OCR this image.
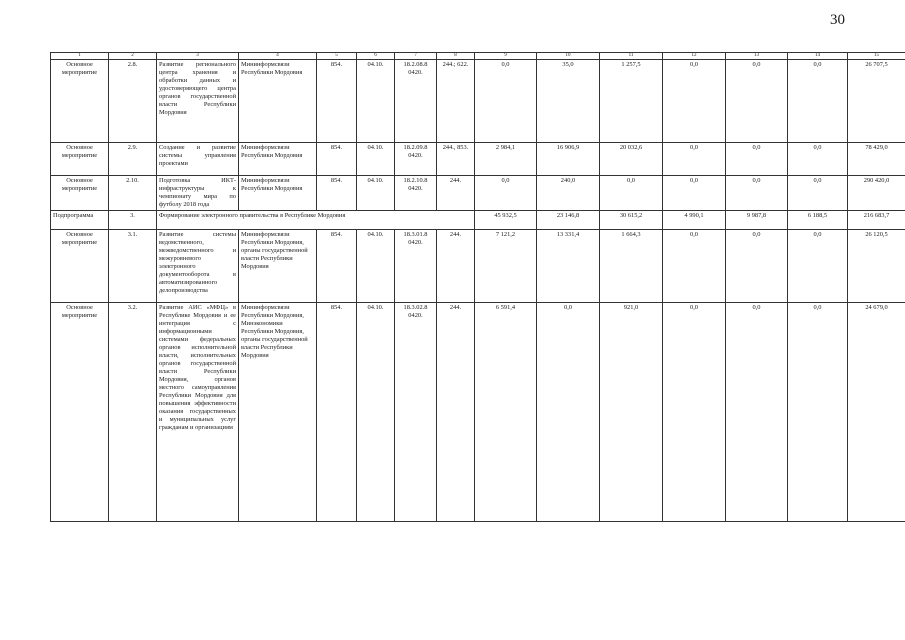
30
1	2	3	4	5	6	7	8	9	10	11	12	13	14	15
Основное мероприятие	2.8.	Развитие регионального центра хранения и обработки данных и удостоверяющего центра органов государственной власти Республики Мордовия	Мининформсвязи Республики Мордовия	854.	04.10.	18.2.08.8 0420.	244.; 622.	0,0	35,0	1 257,5	0,0	0,0	0,0	26 707,5
Основное мероприятие	2.9.	Создание и развитие системы управления проектами	Мининформсвязи Республики Мордовия	854.	04.10.	18.2.09.8 0420.	244., 853.	2 984,1	16 906,9	20 032,6	0,0	0,0	0,0	78 429,0
Основное мероприятие	2.10.	Подготовка ИКТ-инфраструктуры к чемпионату мира по футболу 2018 года	Мининформсвязи Республики Мордовия	854.	04.10.	18.2.10.8 0420.	244.	0,0	240,0	0,0	0,0	0,0	0,0	290 420,0
Подпрограмма	3.	Формирование электронного правительства в Республике Мордовия						45 932,5	23 146,8	30 615,2	4 990,1	9 987,8	6 188,5	216 683,7
Основное мероприятие	3.1.	Развитие системы ведомственного, межведомственного и межуровневого электронного документооборота в автоматизированного делопроизводства	Мининформсвязи Республики Мордовия, органы государственной власти Республики Мордовия	854.	04.10.	18.3.01.8 0420.	244.	7 121,2	13 331,4	1 664,3	0,0	0,0	0,0	26 120,5
Основное мероприятие	3.2.	Развитие АИС «МФЦ» в Республике Мордовия и ее интеграция с информационными системами федеральных органов исполнительной власти, исполнительных органов государственной власти Республики Мордовия, органов местного самоуправления Республики Мордовия для повышения эффективности оказания государственных и муниципальных услуг гражданам и организациям	Мининформсвязи Республики Мордовия, Минэкономики Республики Мордовия, органы государственной власти Республики Мордовия	854.	04.10.	18.3.02.8 0420.	244.	6 591,4	0,0	921,0	0,0	0,0	0,0	24 679,0
